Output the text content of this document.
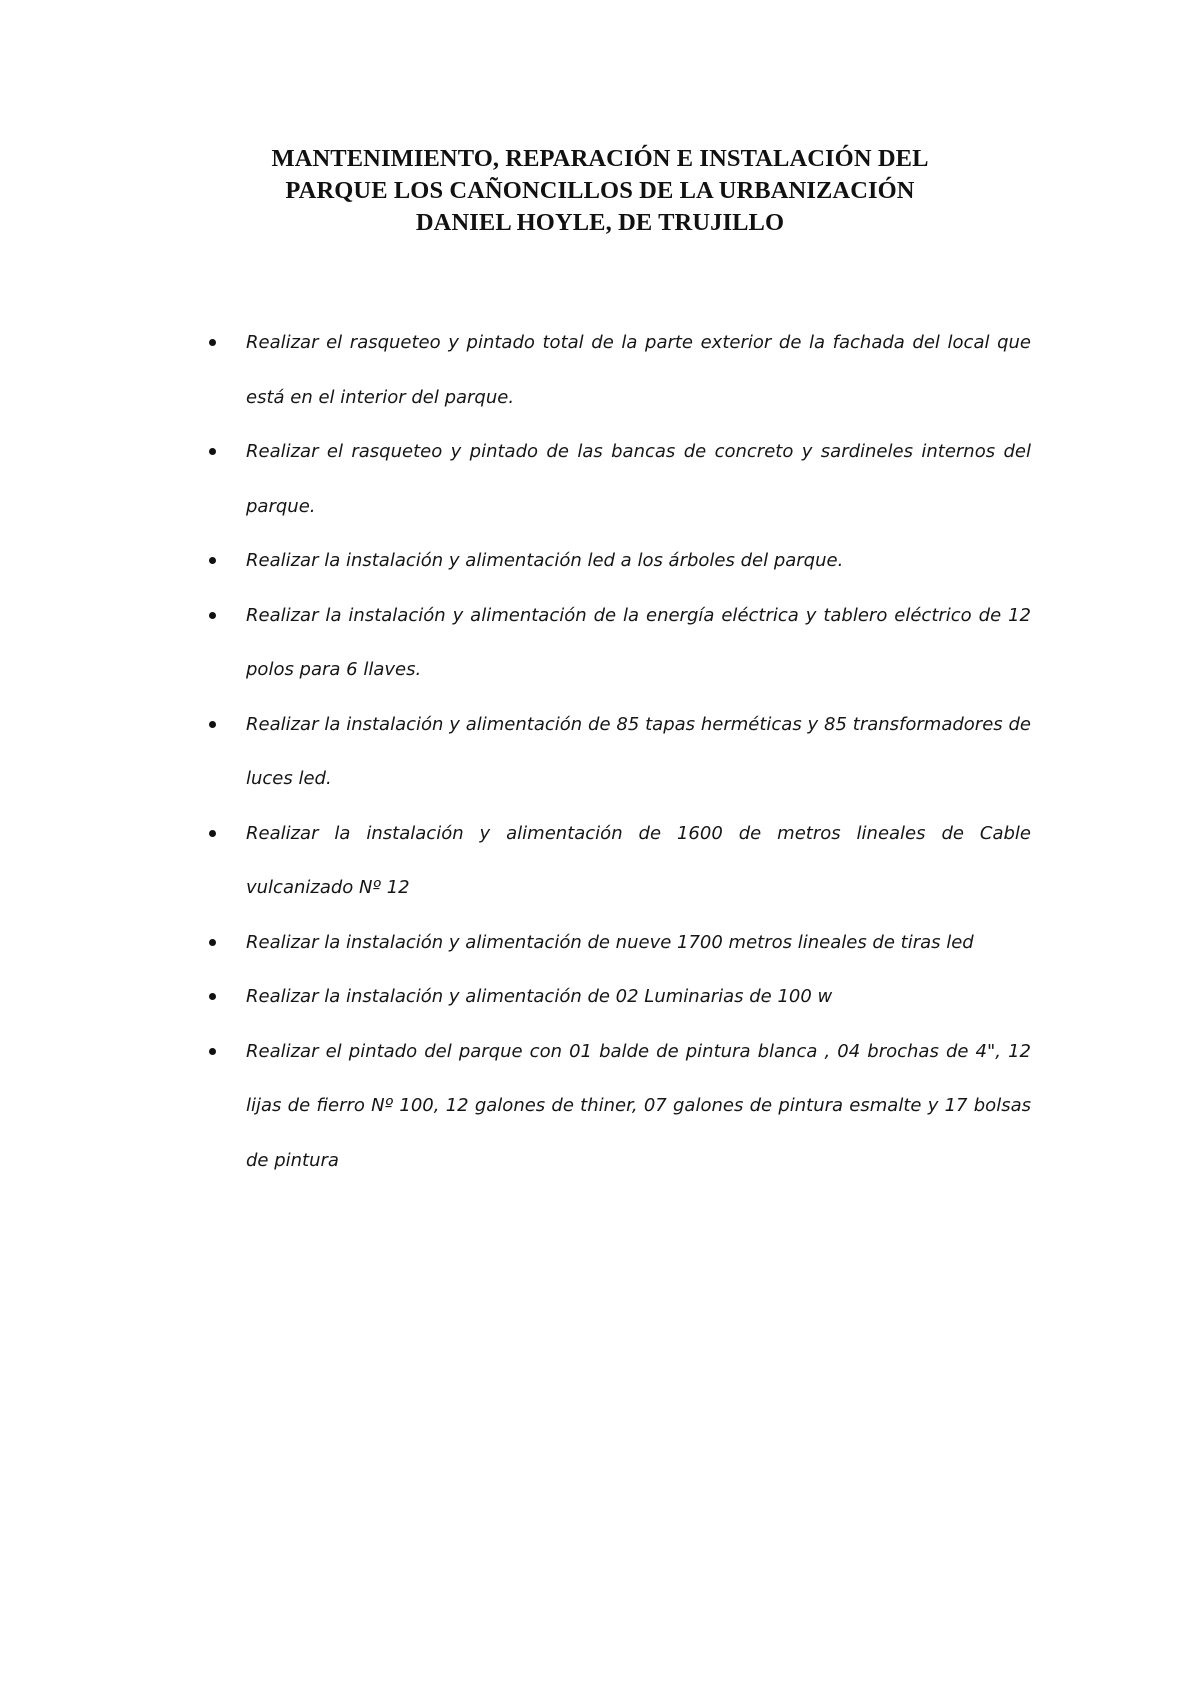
MANTENIMIENTO, REPARACIÓN E INSTALACIÓN DEL
PARQUE LOS CAÑONCILLOS DE LA URBANIZACIÓN
DANIEL HOYLE, DE TRUJILLO
Realizar el rasqueteo y pintado total de la parte exterior de la fachada del local que está en el interior del parque.
Realizar el rasqueteo y pintado de las bancas de concreto y sardineles internos del parque.
Realizar la instalación y alimentación led a los árboles del parque.
Realizar la instalación y alimentación de la energía eléctrica y tablero eléctrico de 12 polos para 6 llaves.
Realizar la instalación y alimentación de 85 tapas herméticas y 85 transformadores de luces led.
Realizar la instalación y alimentación de 1600 de metros lineales de Cable vulcanizado Nº 12
Realizar la instalación y alimentación de nueve 1700 metros lineales de tiras led
Realizar la instalación y alimentación de 02 Luminarias de 100 w
Realizar el pintado del parque con 01 balde de pintura blanca , 04 brochas de 4", 12 lijas de fierro Nº 100, 12 galones de thiner, 07 galones de pintura esmalte y 17 bolsas de pintura
